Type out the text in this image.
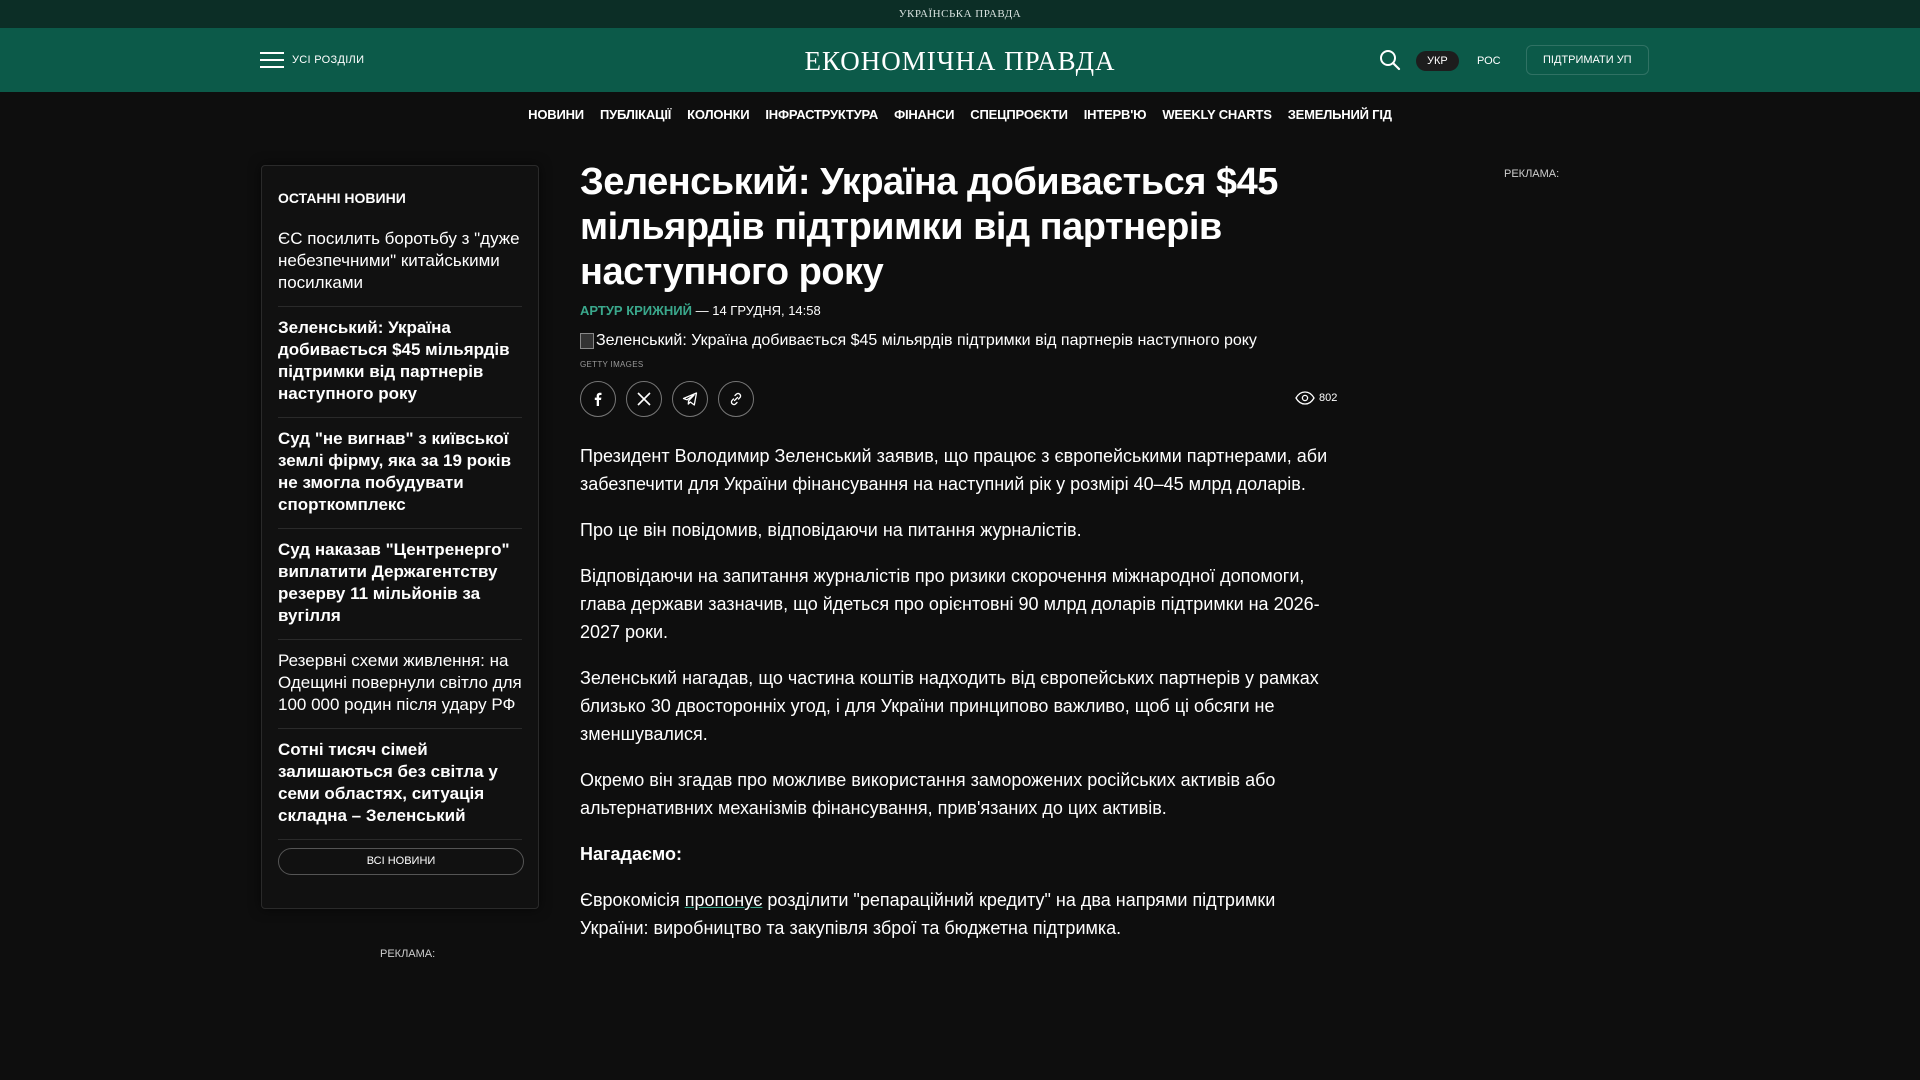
УКРАЇНСЬКА ПРАВДА
УСІ РОЗДІЛИ	ЕКОНОМІЧНА ПРАВДА	УКР	РОС	ПІДТРИМАТИ УП
НОВИНИ ПУБЛІКАЦІЇ КОЛОНКИ ІНФРАСТРУКТУРА ФІНАНСИ СПЕЦПРОЄКТИ ІНТЕРВ'Ю WEEKLY CHARTS ЗЕМЕЛЬНИЙ ГІД
ОСТАННІ НОВИНИ
ЄС посилить боротьбу з "дуже небезпечними" китайськими посилками
Зеленський: Україна добивається $45 мільярдів підтримки від партнерів наступного року
Суд "не вигнав" з київської землі фірму, яка за 19 років не змогла побудувати спорткомплекс
Суд наказав "Центренерго" виплатити Держагентству резерву 11 мільйонів за вугілля
Резервні схеми живлення: на Одещині повернули світло для 100 000 родин після удару РФ
Сотні тисяч сімей залишаються без світла у семи областях, ситуація складна – Зеленський
ВСІ НОВИНИ
РЕКЛАМА:
РЕКЛАМА:
Зеленський: Україна добивається $45 мільярдів підтримки від партнерів наступного року
АРТУР КРИЖНИЙ — 14 ГРУДНЯ, 14:58
Зеленський: Україна добивається $45 мільярдів підтримки від партнерів наступного року
GETTY IMAGES
802

Президент Володимир Зеленський заявив, що працює з європейськими партнерами, аби забезпечити для України фінансування на наступний рік у розмірі 40–45 млрд доларів.

Про це він повідомив, відповідаючи на питання журналістів.

Відповідаючи на запитання журналістів про ризики скорочення міжнародної допомоги, глава держави зазначив, що йдеться про орієнтовні 90 млрд доларів підтримки на 2026-2027 роки.

Зеленський нагадав, що частина коштів надходить від європейських партнерів у рамках близько 30 двосторонніх угод, і для України принципово важливо, щоб ці обсяги не зменшувалися.

Окремо він згадав про можливе використання заморожених російських активів або альтернативних механізмів фінансування, прив'язаних до цих активів.

Нагадаємо:

Єврокомісія пропонує розділити "репараційний кредиту" на два напрями підтримки України: виробництво та закупівля зброї та бюджетна підтримка.
